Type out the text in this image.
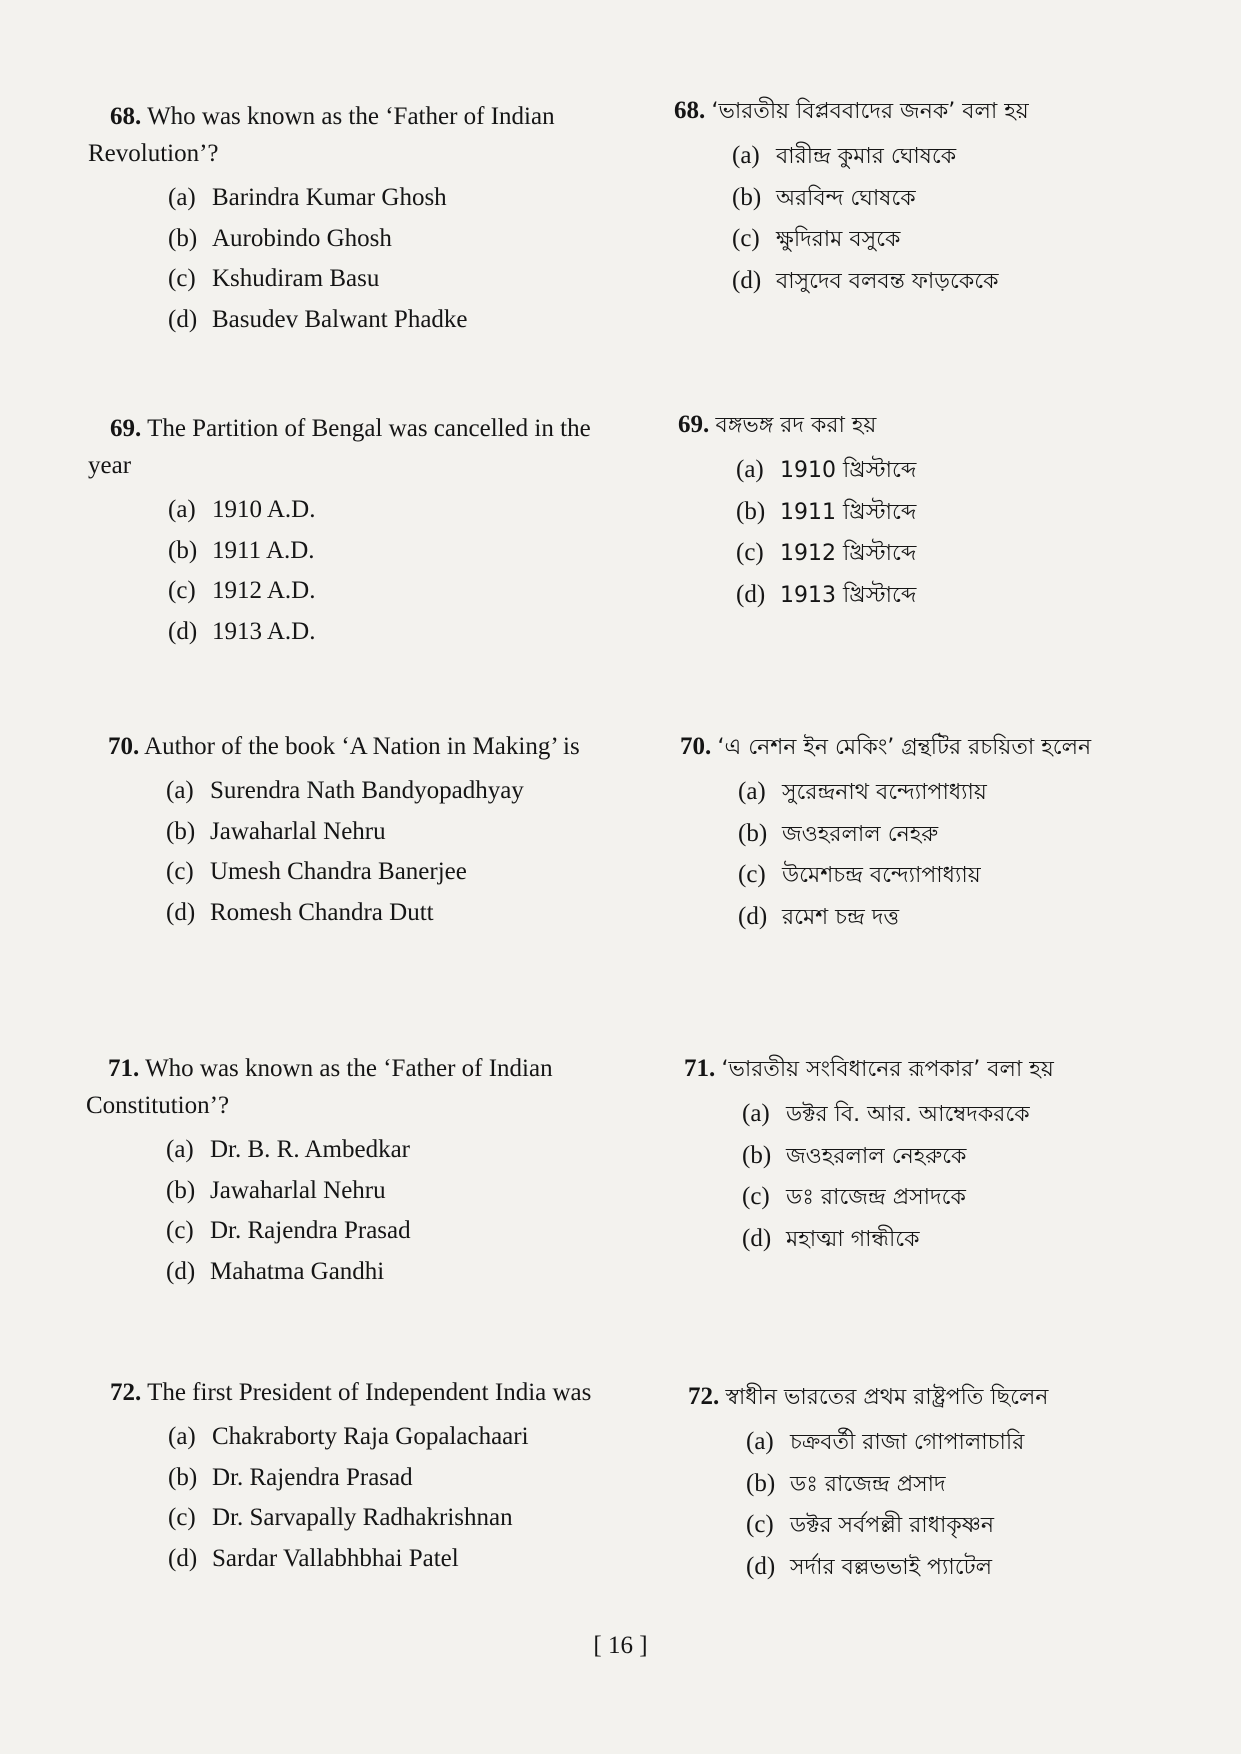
68. Who was known as the ‘Father of Indian Revolution’?
(a) Barindra Kumar Ghosh
(b) Aurobindo Ghosh
(c) Kshudiram Basu
(d) Basudev Balwant Phadke
68. ‘ভারতীয় বিপ্লববাদের জনক’ বলা হয়
(a) বারীন্দ্র কুমার ঘোষকে
(b) অরবিন্দ ঘোষকে
(c) ক্ষুদিরাম বসুকে
(d) বাসুদেব বলবন্ত ফাড়কেকে
69. The Partition of Bengal was cancelled in the year
(a) 1910 A.D.
(b) 1911 A.D.
(c) 1912 A.D.
(d) 1913 A.D.
69. বঙ্গভঙ্গ রদ করা হয়
(a) 1910 খ্রিস্টাব্দে
(b) 1911 খ্রিস্টাব্দে
(c) 1912 খ্রিস্টাব্দে
(d) 1913 খ্রিস্টাব্দে
70. Author of the book ‘A Nation in Making’ is
(a) Surendra Nath Bandyopadhyay
(b) Jawaharlal Nehru
(c) Umesh Chandra Banerjee
(d) Romesh Chandra Dutt
70. ‘এ নেশন ইন মেকিং’ গ্রন্থটির রচয়িতা হলেন
(a) সুরেন্দ্রনাথ বন্দ্যোপাধ্যায়
(b) জওহরলাল নেহরু
(c) উমেশচন্দ্র বন্দ্যোপাধ্যায়
(d) রমেশ চন্দ্র দত্ত
71. Who was known as the ‘Father of Indian Constitution’?
(a) Dr. B. R. Ambedkar
(b) Jawaharlal Nehru
(c) Dr. Rajendra Prasad
(d) Mahatma Gandhi
71. ‘ভারতীয় সংবিধানের রূপকার’ বলা হয়
(a) ডক্টর বি. আর. আম্বেদকরকে
(b) জওহরলাল নেহরুকে
(c) ডঃ রাজেন্দ্র প্রসাদকে
(d) মহাত্মা গান্ধীকে
72. The first President of Independent India was
(a) Chakraborty Raja Gopalachaari
(b) Dr. Rajendra Prasad
(c) Dr. Sarvapally Radhakrishnan
(d) Sardar Vallabhbhai Patel
72. স্বাধীন ভারতের প্রথম রাষ্ট্রপতি ছিলেন
(a) চক্রবর্তী রাজা গোপালাচারি
(b) ডঃ রাজেন্দ্র প্রসাদ
(c) ডক্টর সর্বপল্লী রাধাকৃষ্ণন
(d) সর্দার বল্লভভাই প্যাটেল
[ 16 ]
